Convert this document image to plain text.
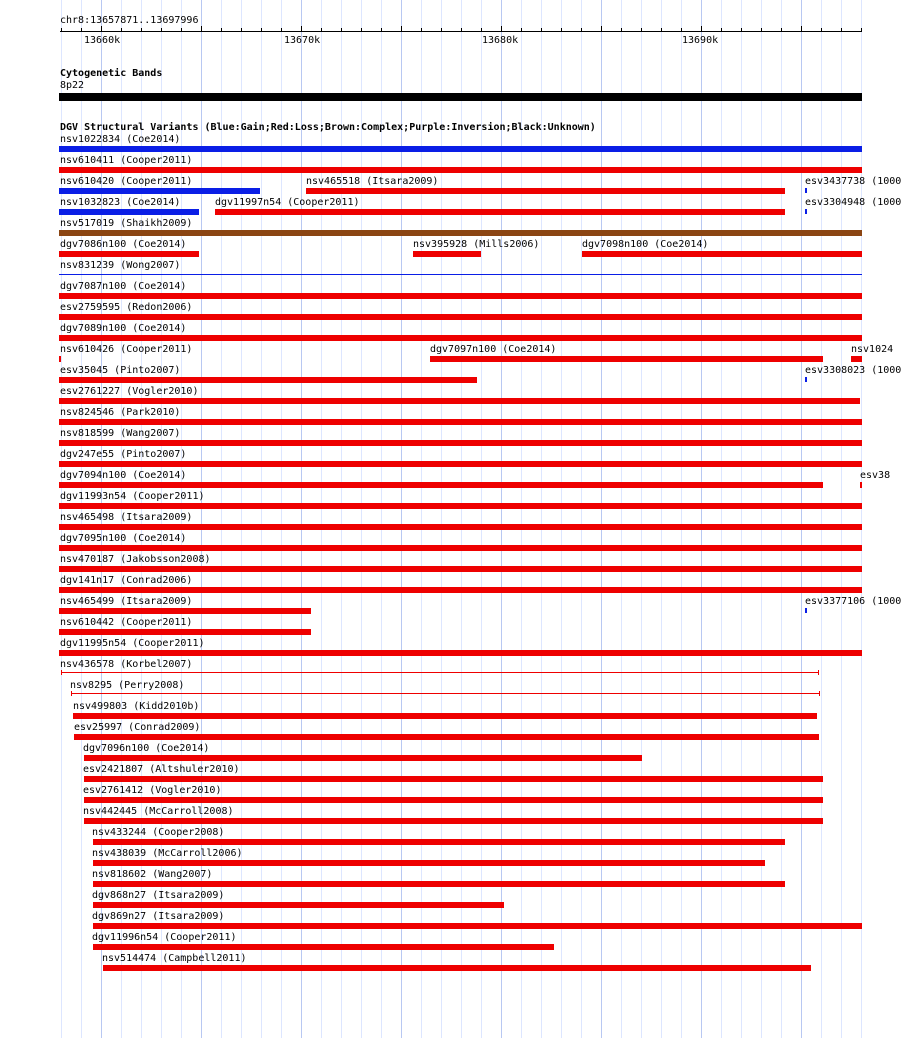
chr8:13657871..13697996
13660k	13670k	13680k	13690k
Cytogenetic Bands
8p22
DGV Structural Variants (Blue:Gain;Red:Loss;Brown:Complex;Purple:Inversion;Black:Unknown)
nsv1022834 (Coe2014)
nsv610411 (Cooper2011)
nsv610420 (Cooper2011)	nsv465518 (Itsara2009)	esv3437738 (1000
nsv1032823 (Coe2014)	dgv11997n54 (Cooper2011)	esv3304948 (1000
nsv517019 (Shaikh2009)
dgv7086n100 (Coe2014)	nsv395928 (Mills2006)	dgv7098n100 (Coe2014)
nsv831239 (Wong2007)
dgv7087n100 (Coe2014)
esv2759595 (Redon2006)
dgv7089n100 (Coe2014)
nsv610426 (Cooper2011)	dgv7097n100 (Coe2014)	nsv1024
esv35045 (Pinto2007)	esv3308023 (1000
esv2761227 (Vogler2010)
nsv824546 (Park2010)
nsv818599 (Wang2007)
dgv247e55 (Pinto2007)
dgv7094n100 (Coe2014)	esv38
dgv11993n54 (Cooper2011)
nsv465498 (Itsara2009)
dgv7095n100 (Coe2014)
nsv470187 (Jakobsson2008)
dgv141n17 (Conrad2006)
nsv465499 (Itsara2009)	esv3377106 (1000
nsv610442 (Cooper2011)
dgv11995n54 (Cooper2011)
nsv436578 (Korbel2007)
nsv8295 (Perry2008)
nsv499803 (Kidd2010b)
esv25997 (Conrad2009)
dgv7096n100 (Coe2014)
esv2421807 (Altshuler2010)
esv2761412 (Vogler2010)
nsv442445 (McCarroll2008)
nsv433244 (Cooper2008)
nsv438039 (McCarroll2006)
nsv818602 (Wang2007)
dgv868n27 (Itsara2009)
dgv869n27 (Itsara2009)
dgv11996n54 (Cooper2011)
nsv514474 (Campbell2011)
